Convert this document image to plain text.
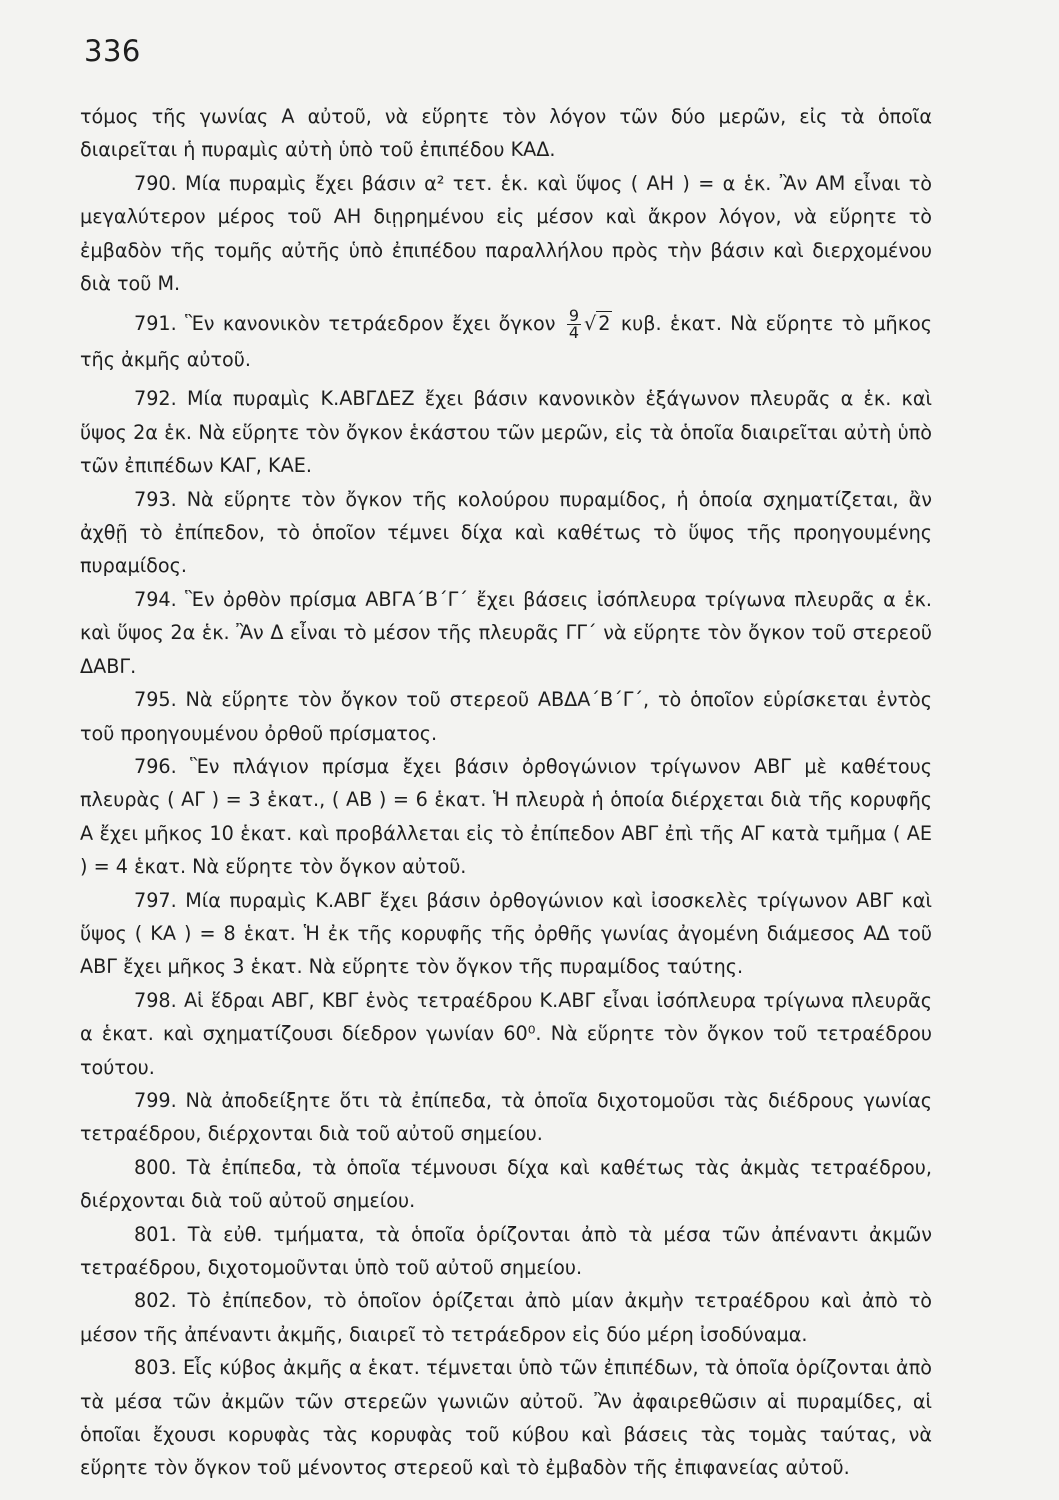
336

τόμος τῆς γωνίας Α αὐτοῦ, νὰ εὕρητε τὸν λόγον τῶν δύο μερῶν, εἰς τὰ ὁποῖα διαιρεῖται ἡ πυραμὶς αὐτὴ ὑπὸ τοῦ ἐπιπέδου ΚΑΔ.

790. Μία πυραμὶς ἔχει βάσιν α² τετ. ἑκ. καὶ ὕψος ( ΑΗ ) = α ἑκ. Ἂν ΑΜ εἶναι τὸ μεγαλύτερον μέρος τοῦ ΑΗ διῃρημένου εἰς μέσον καὶ ἄκρον λόγον, νὰ εὕρητε τὸ ἐμβαδὸν τῆς τομῆς αὐτῆς ὑπὸ ἐπιπέδου παραλλήλου πρὸς τὴν βάσιν καὶ διερχομένου διὰ τοῦ Μ.

791. Ἓν κανονικὸν τετράεδρον ἔχει ὄγκον $\frac{9}{4}$ √ 2 κυβ. ἑκατ. Νὰ εὕρητε τὸ μῆκος τῆς ἀκμῆς αὐτοῦ.

792. Μία πυραμὶς Κ.ΑΒΓΔΕΖ ἔχει βάσιν κανονικὸν ἑξάγωνον πλευρᾶς α ἑκ. καὶ ὕψος 2α ἑκ. Νὰ εὕρητε τὸν ὄγκον ἑκάστου τῶν μερῶν, εἰς τὰ ὁποῖα διαιρεῖται αὐτὴ ὑπὸ τῶν ἐπιπέδων ΚΑΓ, ΚΑΕ.

793. Νὰ εὕρητε τὸν ὄγκον τῆς κολούρου πυραμίδος, ἡ ὁποία σχηματίζεται, ἂν ἀχθῇ τὸ ἐπίπεδον, τὸ ὁποῖον τέμνει δίχα καὶ καθέτως τὸ ὕψος τῆς προηγουμένης πυραμίδος.

794. Ἓν ὀρθὸν πρίσμα ΑΒΓΑ΄Β΄Γ΄ ἔχει βάσεις ἰσόπλευρα τρίγωνα πλευρᾶς α ἑκ. καὶ ὕψος 2α ἑκ. Ἂν Δ εἶναι τὸ μέσον τῆς πλευρᾶς ΓΓ΄ νὰ εὕρητε τὸν ὄγκον τοῦ στερεοῦ ΔΑΒΓ.

795. Νὰ εὕρητε τὸν ὄγκον τοῦ στερεοῦ ΑΒΔΑ΄Β΄Γ΄, τὸ ὁποῖον εὑρίσκεται ἐντὸς τοῦ προηγουμένου ὀρθοῦ πρίσματος.

796. Ἓν πλάγιον πρίσμα ἔχει βάσιν ὀρθογώνιον τρίγωνον ΑΒΓ μὲ καθέτους πλευρὰς ( ΑΓ ) = 3 ἑκατ., ( ΑΒ ) = 6 ἑκατ. Ἡ πλευρὰ ἡ ὁποία διέρχεται διὰ τῆς κορυφῆς Α ἔχει μῆκος 10 ἑκατ. καὶ προβάλλεται εἰς τὸ ἐπίπεδον ΑΒΓ ἐπὶ τῆς ΑΓ κατὰ τμῆμα ( ΑΕ ) = 4 ἑκατ. Νὰ εὕρητε τὸν ὄγκον αὐτοῦ.

797. Μία πυραμὶς Κ.ΑΒΓ ἔχει βάσιν ὀρθογώνιον καὶ ἰσοσκελὲς τρίγωνον ΑΒΓ καὶ ὕψος ( ΚΑ ) = 8 ἑκατ. Ἡ ἐκ τῆς κορυφῆς τῆς ὀρθῆς γωνίας ἀγομένη διάμεσος ΑΔ τοῦ ΑΒΓ ἔχει μῆκος 3 ἑκατ. Νὰ εὕρητε τὸν ὄγκον τῆς πυραμίδος ταύτης.

798. Αἱ ἕδραι ΑΒΓ, ΚΒΓ ἑνὸς τετραέδρου Κ.ΑΒΓ εἶναι ἰσόπλευρα τρίγωνα πλευρᾶς α ἑκατ. καὶ σχηματίζουσι δίεδρον γωνίαν 60⁰. Νὰ εὕρητε τὸν ὄγκον τοῦ τετραέδρου τούτου.

799. Νὰ ἀποδείξητε ὅτι τὰ ἐπίπεδα, τὰ ὁποῖα διχοτομοῦσι τὰς διέδρους γωνίας τετραέδρου, διέρχονται διὰ τοῦ αὐτοῦ σημείου.

800. Τὰ ἐπίπεδα, τὰ ὁποῖα τέμνουσι δίχα καὶ καθέτως τὰς ἀκμὰς τετραέδρου, διέρχονται διὰ τοῦ αὐτοῦ σημείου.

801. Τὰ εὐθ. τμήματα, τὰ ὁποῖα ὁρίζονται ἀπὸ τὰ μέσα τῶν ἀπέναντι ἀκμῶν τετραέδρου, διχοτομοῦνται ὑπὸ τοῦ αὐτοῦ σημείου.

802. Τὸ ἐπίπεδον, τὸ ὁποῖον ὁρίζεται ἀπὸ μίαν ἀκμὴν τετραέδρου καὶ ἀπὸ τὸ μέσον τῆς ἀπέναντι ἀκμῆς, διαιρεῖ τὸ τετράεδρον εἰς δύο μέρη ἰσοδύναμα.

803. Εἷς κύβος ἀκμῆς α ἑκατ. τέμνεται ὑπὸ τῶν ἐπιπέδων, τὰ ὁποῖα ὁρίζονται ἀπὸ τὰ μέσα τῶν ἀκμῶν τῶν στερεῶν γωνιῶν αὐτοῦ. Ἂν ἀφαιρεθῶσιν αἱ πυραμίδες, αἱ ὁποῖαι ἔχουσι κορυφὰς τὰς κορυφὰς τοῦ κύβου καὶ βάσεις τὰς τομὰς ταύτας, νὰ εὕρητε τὸν ὄγκον τοῦ μένοντος στερεοῦ καὶ τὸ ἐμβαδὸν τῆς ἐπιφανείας αὐτοῦ.
